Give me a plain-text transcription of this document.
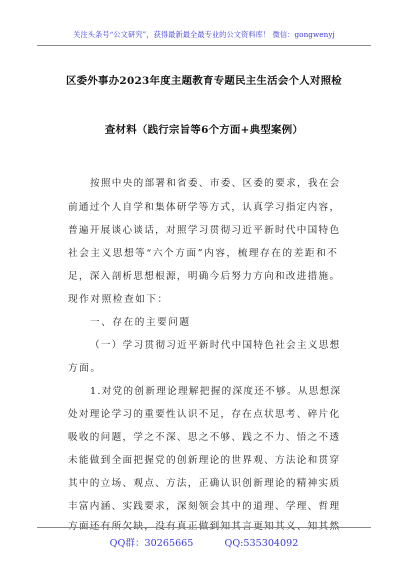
关注头条号“公文研究”，获得最新最全最专业的公文资料库！ 微信：gongwenyj
区委外事办2023年度主题教育专题民主生活会个人对照检
查材料（践行宗旨等6个方面+典型案例）
按照中央的部署和省委、市委、区委的要求，我在会
前通过个人自学和集体研学等方式，认真学习指定内容，
普遍开展谈心谈话，对照学习贯彻习近平新时代中国特色
社会主义思想等“六个方面”内容，梳理存在的差距和不
足，深入剖析思想根源，明确今后努力方向和改进措施。
现作对照检查如下：
一、存在的主要问题
（一）学习贯彻习近平新时代中国特色社会主义思想
方面。
1.对党的创新理论理解把握的深度还不够。从思想深
处对理论学习的重要性认识不足，存在点状思考、碎片化
吸收的问题，学之不深、思之不够、践之不力、悟之不透
未能做到全面把握党的创新理论的世界观、方法论和贯穿
其中的立场、观点、方法，正确认识创新理论的精神实质
丰富内涵、实践要求，深刻领会其中的道理、学理、哲理
方面还有所欠缺，没有真正做到知其言更知其义、知其然
QQ群：30265665	QQ:535304092
